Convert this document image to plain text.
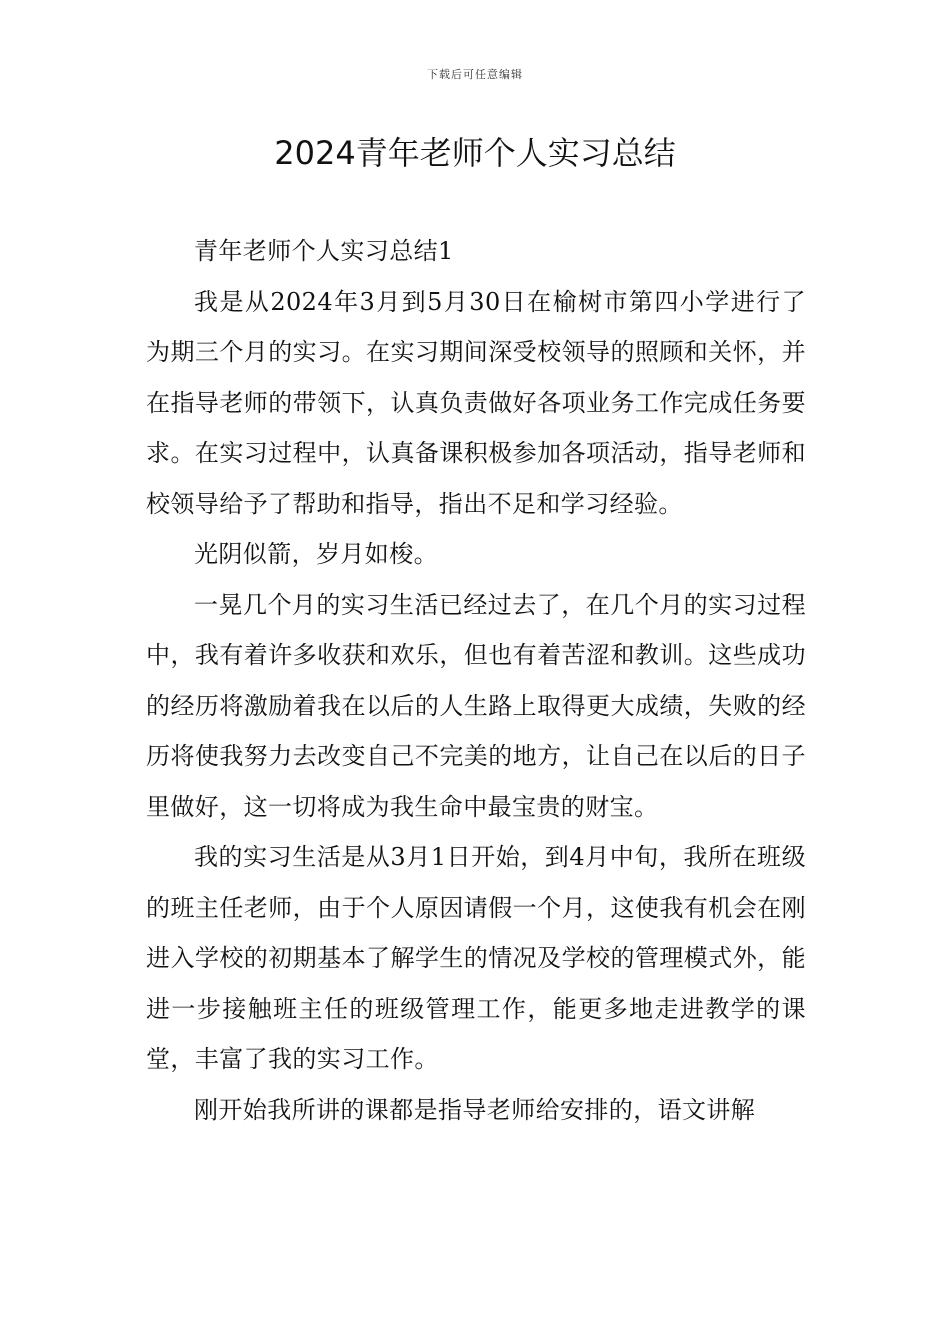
下载后可任意编辑
2024青年老师个人实习总结

青年老师个人实习总结1

我是从2024年3月到5月30日在榆树市第四小学进行了为期三个月的实习。在实习期间深受校领导的照顾和关怀，并在指导老师的带领下，认真负责做好各项业务工作完成任务要求。在实习过程中，认真备课积极参加各项活动，指导老师和校领导给予了帮助和指导，指出不足和学习经验。

光阴似箭，岁月如梭。

一晃几个月的实习生活已经过去了，在几个月的实习过程中，我有着许多收获和欢乐，但也有着苦涩和教训。这些成功的经历将激励着我在以后的人生路上取得更大成绩，失败的经历将使我努力去改变自己不完美的地方，让自己在以后的日子里做好，这一切将成为我生命中最宝贵的财宝。

我的实习生活是从3月1日开始，到4月中旬，我所在班级的班主任老师，由于个人原因请假一个月，这使我有机会在刚进入学校的初期基本了解学生的情况及学校的管理模式外，能进一步接触班主任的班级管理工作，能更多地走进教学的课堂，丰富了我的实习工作。

刚开始我所讲的课都是指导老师给安排的，语文讲解
